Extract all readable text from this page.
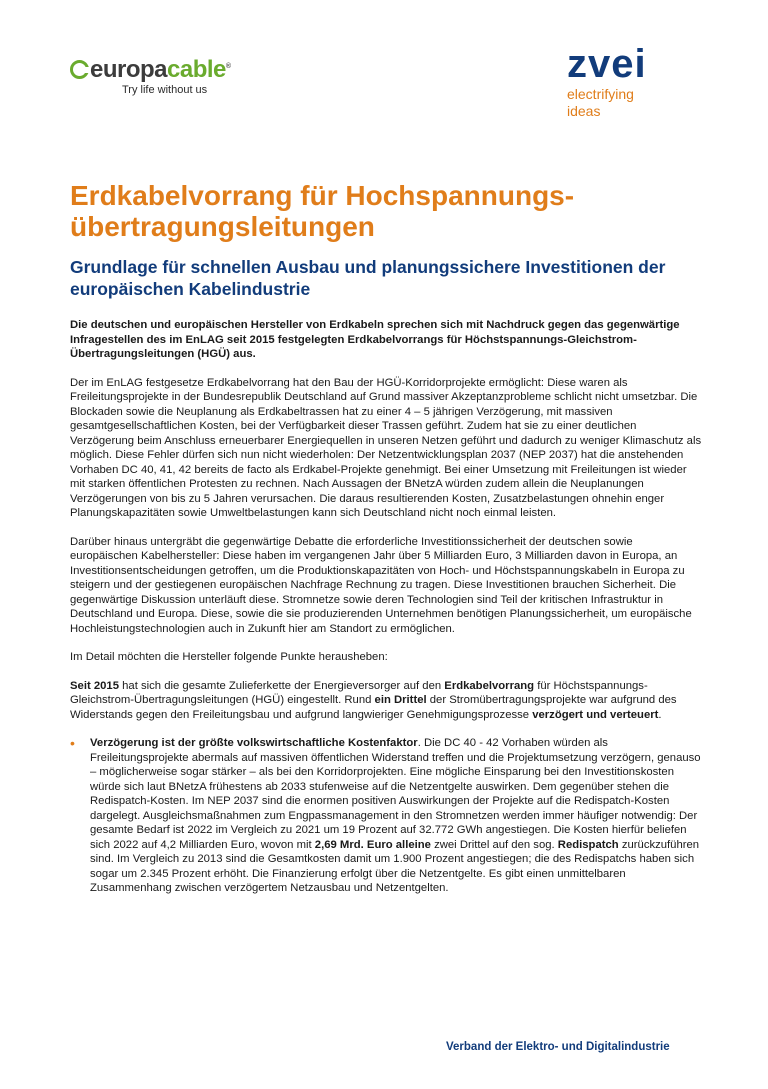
europacable®
Try life without us
zvei
electrifying
ideas
Erdkabelvorrang für Hochspannungs-übertragungsleitungen
Grundlage für schnellen Ausbau und planungssichere Investitionen der europäischen Kabelindustrie

Die deutschen und europäischen Hersteller von Erdkabeln sprechen sich mit Nachdruck gegen das gegenwärtige Infragestellen des im EnLAG seit 2015 festgelegten Erdkabelvorrangs für Höchstspannungs-Gleichstrom-Übertragungsleitungen (HGÜ) aus.

Der im EnLAG festgesetze Erdkabelvorrang hat den Bau der HGÜ-Korridorprojekte ermöglicht: Diese waren als Freileitungsprojekte in der Bundesrepublik Deutschland auf Grund massiver Akzeptanzprobleme schlicht nicht umsetzbar. Die Blockaden sowie die Neuplanung als Erdkabeltrassen hat zu einer 4 – 5 jährigen Verzögerung, mit massiven gesamtgesellschaftlichen Kosten, bei der Verfügbarkeit dieser Trassen geführt. Zudem hat sie zu einer deutlichen Verzögerung beim Anschluss erneuerbarer Energiequellen in unseren Netzen geführt und dadurch zu weniger Klimaschutz als möglich. Diese Fehler dürfen sich nun nicht wiederholen: Der Netzentwicklungsplan 2037 (NEP 2037) hat die anstehenden Vorhaben DC 40, 41, 42 bereits de facto als Erdkabel-Projekte genehmigt. Bei einer Umsetzung mit Freileitungen ist wieder mit starken öffentlichen Protesten zu rechnen. Nach Aussagen der BNetzA würden zudem allein die Neuplanungen Verzögerungen von bis zu 5 Jahren verursachen. Die daraus resultierenden Kosten, Zusatzbelastungen ohnehin enger Planungskapazitäten sowie Umweltbelastungen kann sich Deutschland nicht noch einmal leisten.

Darüber hinaus untergräbt die gegenwärtige Debatte die erforderliche Investitionssicherheit der deutschen sowie europäischen Kabelhersteller: Diese haben im vergangenen Jahr über 5 Milliarden Euro, 3 Milliarden davon in Europa, an Investitionsentscheidungen getroffen, um die Produktionskapazitäten von Hoch- und Höchstspannungskabeln in Europa zu steigern und der gestiegenen europäischen Nachfrage Rechnung zu tragen. Diese Investitionen brauchen Sicherheit. Die gegenwärtige Diskussion unterläuft diese. Stromnetze sowie deren Technologien sind Teil der kritischen Infrastruktur in Deutschland und Europa. Diese, sowie die sie produzierenden Unternehmen benötigen Planungssicherheit, um europäische Hochleistungstechnologien auch in Zukunft hier am Standort zu ermöglichen.

Im Detail möchten die Hersteller folgende Punkte herausheben:

Seit 2015 hat sich die gesamte Zulieferkette der Energieversorger auf den Erdkabelvorrang für Höchstspannungs-Gleichstrom-Übertragungsleitungen (HGÜ) eingestellt. Rund ein Drittel der Stromübertragungsprojekte war aufgrund des Widerstands gegen den Freileitungsbau und aufgrund langwieriger Genehmigungsprozesse verzögert und verteuert.

•	Verzögerung ist der größte volkswirtschaftliche Kostenfaktor. Die DC 40 - 42 Vorhaben würden als Freileitungsprojekte abermals auf massiven öffentlichen Widerstand treffen und die Projektumsetzung verzögern, genauso – möglicherweise sogar stärker – als bei den Korridorprojekten. Eine mögliche Einsparung bei den Investitionskosten würde sich laut BNetzA frühestens ab 2033 stufenweise auf die Netzentgelte auswirken. Dem gegenüber stehen die Redispatch-Kosten. Im NEP 2037 sind die enormen positiven Auswirkungen der Projekte auf die Redispatch-Kosten dargelegt. Ausgleichsmaßnahmen zum Engpassmanagement in den Stromnetzen werden immer häufiger notwendig: Der gesamte Bedarf ist 2022 im Vergleich zu 2021 um 19 Prozent auf 32.772 GWh angestiegen. Die Kosten hierfür beliefen sich 2022 auf 4,2 Milliarden Euro, wovon mit 2,69 Mrd. Euro alleine zwei Drittel auf den sog. Redispatch zurückzuführen sind. Im Vergleich zu 2013 sind die Gesamtkosten damit um 1.900 Prozent angestiegen; die des Redispatchs haben sich sogar um 2.345 Prozent erhöht. Die Finanzierung erfolgt über die Netzentgelte. Es gibt einen unmittelbaren Zusammenhang zwischen verzögertem Netzausbau und Netzentgelten.
Verband der Elektro- und Digitalindustrie
